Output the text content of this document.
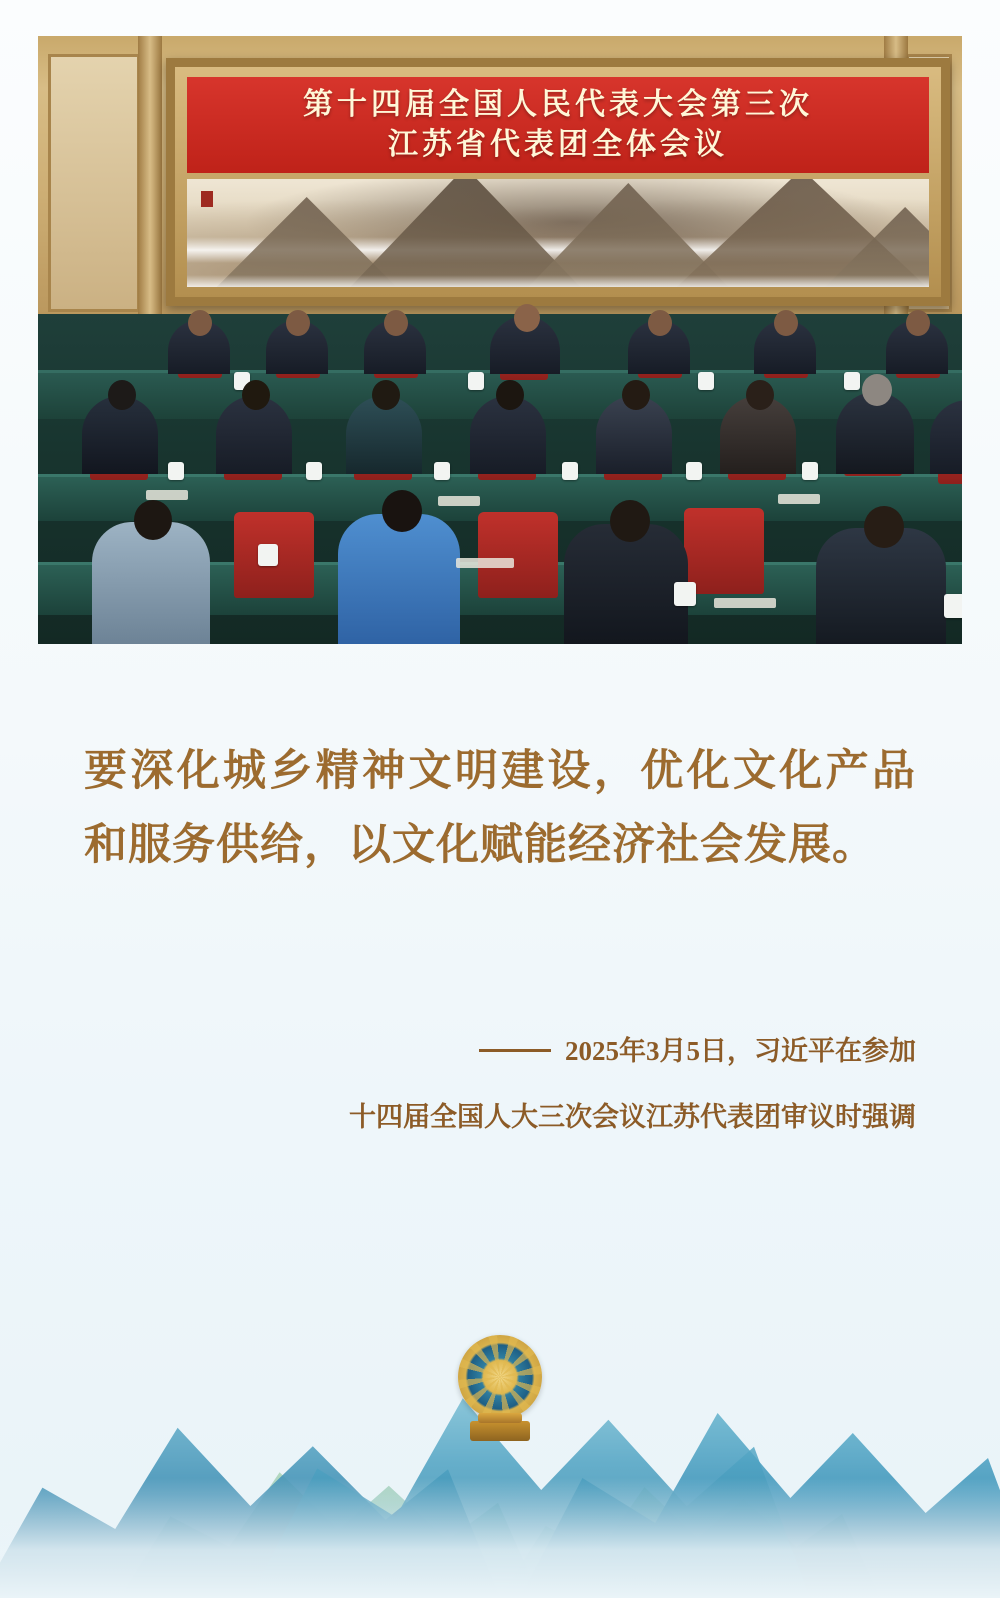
第十四届全国人民代表大会第三次
江苏省代表团全体会议
要深化城乡精神文明建设，优化文化产品和服务供给，以文化赋能经济社会发展。
2025年3月5日，习近平在参加
十四届全国人大三次会议江苏代表团审议时强调
